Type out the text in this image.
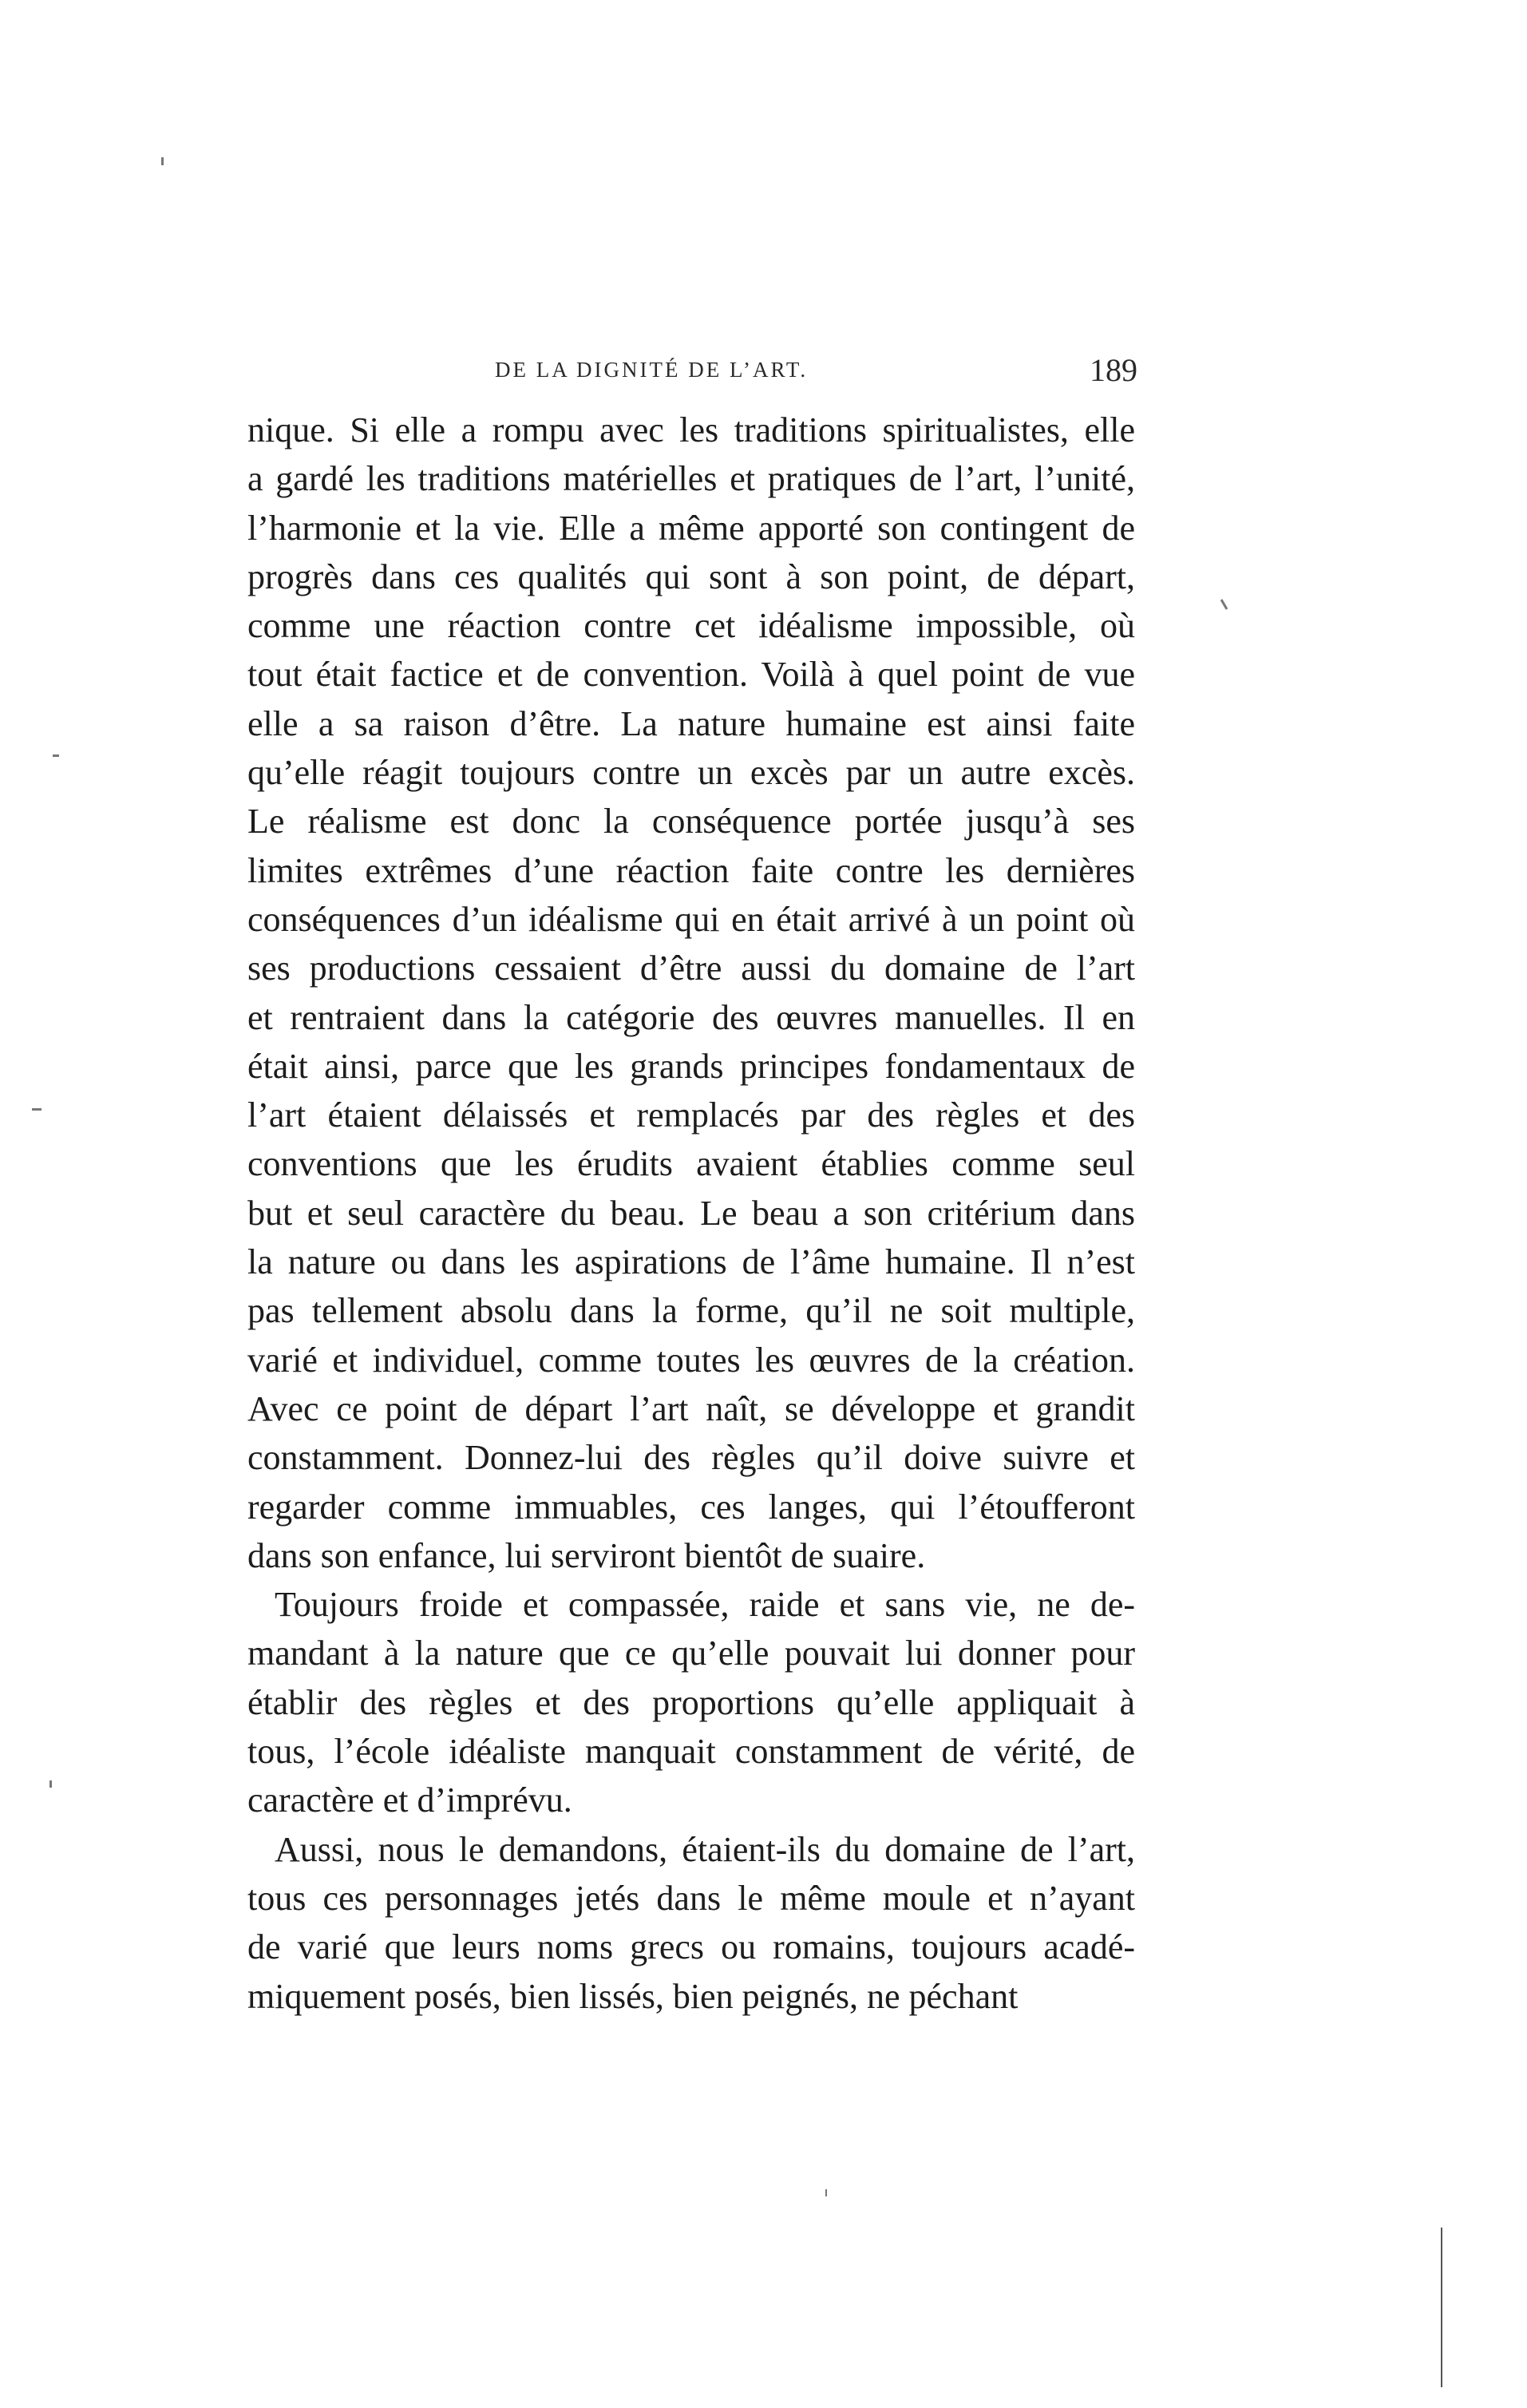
DE LA DIGNITÉ DE L’ART.	189
nique. Si elle a rompu avec les traditions spiritualistes, elle
a gardé les traditions matérielles et pratiques de l’art, l’unité,
l’harmonie et la vie. Elle a même apporté son contingent de
progrès dans ces qualités qui sont à son point, de départ,
comme une réaction contre cet idéalisme impossible, où
tout était factice et de convention. Voilà à quel point de vue
elle a sa raison d’être. La nature humaine est ainsi faite
qu’elle réagit toujours contre un excès par un autre excès.
Le réalisme est donc la conséquence portée jusqu’à ses
limites extrêmes d’une réaction faite contre les dernières
conséquences d’un idéalisme qui en était arrivé à un point où
ses productions cessaient d’être aussi du domaine de l’art
et rentraient dans la catégorie des œuvres manuelles. Il en
était ainsi, parce que les grands principes fondamentaux de
l’art étaient délaissés et remplacés par des règles et des
conventions que les érudits avaient établies comme seul
but et seul caractère du beau. Le beau a son critérium dans
la nature ou dans les aspirations de l’âme humaine. Il n’est
pas tellement absolu dans la forme, qu’il ne soit multiple,
varié et individuel, comme toutes les œuvres de la création.
Avec ce point de départ l’art naît, se développe et grandit
constamment. Donnez-lui des règles qu’il doive suivre et
regarder comme immuables, ces langes, qui l’étoufferont
dans son enfance, lui serviront bientôt de suaire.
Toujours froide et compassée, raide et sans vie, ne de-
mandant à la nature que ce qu’elle pouvait lui donner pour
établir des règles et des proportions qu’elle appliquait à
tous, l’école idéaliste manquait constamment de vérité, de
caractère et d’imprévu.
Aussi, nous le demandons, étaient-ils du domaine de l’art,
tous ces personnages jetés dans le même moule et n’ayant
de varié que leurs noms grecs ou romains, toujours acadé-
miquement posés, bien lissés, bien peignés, ne péchant
